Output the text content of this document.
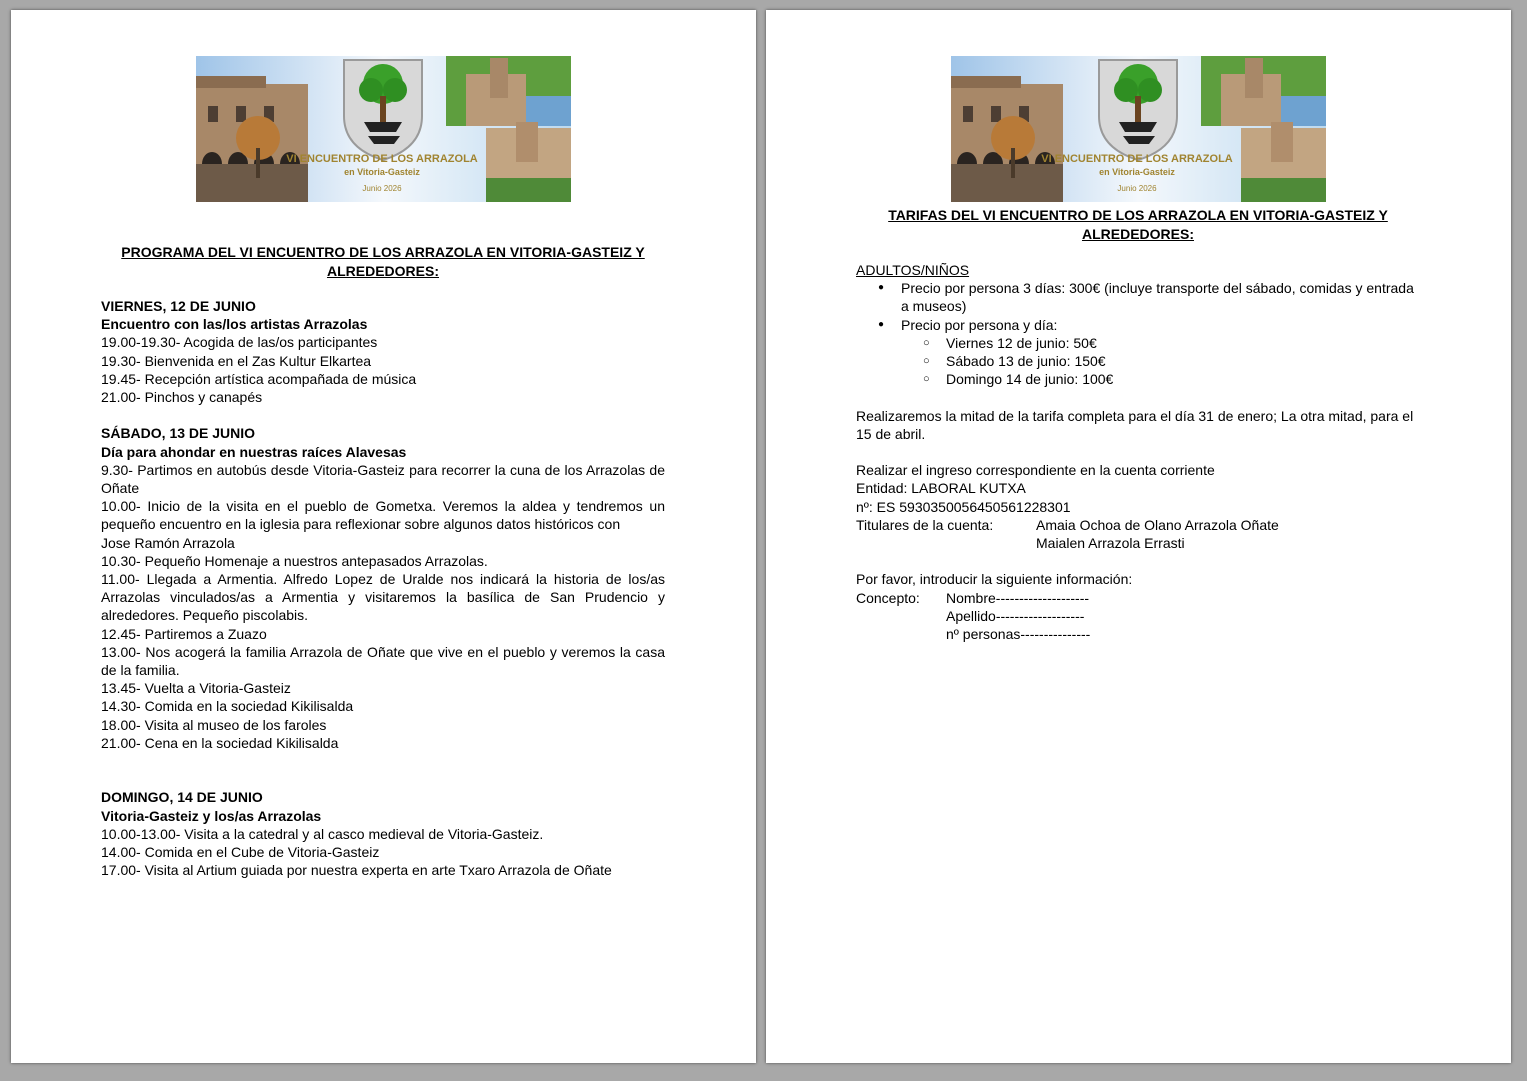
VI ENCUENTRO DE LOS ARRAZOLA
en Vitoria-Gasteiz
Junio 2026
PROGRAMA DEL VI ENCUENTRO DE LOS ARRAZOLA EN VITORIA-GASTEIZ Y
ALREDEDORES:

VIERNES, 12 DE JUNIO

Encuentro con las/los artistas Arrazolas

19.00-19.30- Acogida de las/os participantes

19.30- Bienvenida en el Zas Kultur Elkartea

19.45- Recepción artística acompañada de música

21.00- Pinchos y canapés

SÁBADO, 13 DE JUNIO

Día para ahondar en nuestras raíces Alavesas

9.30- Partimos en autobús desde Vitoria-Gasteiz para recorrer la cuna de los Arrazolas de Oñate

10.00- Inicio de la visita en el pueblo de Gometxa. Veremos la aldea y tendremos un pequeño encuentro en la iglesia para reflexionar sobre algunos datos históricos con

Jose Ramón Arrazola

10.30- Pequeño Homenaje a nuestros antepasados Arrazolas.

11.00- Llegada a Armentia. Alfredo Lopez de Uralde nos indicará la historia de los/as Arrazolas vinculados/as a Armentia y visitaremos la basílica de San Prudencio y alrededores. Pequeño piscolabis.

12.45- Partiremos a Zuazo

13.00- Nos acogerá la familia Arrazola de Oñate que vive en el pueblo y veremos la casa de la familia.

13.45- Vuelta a Vitoria-Gasteiz

14.30- Comida en la sociedad Kikilisalda

18.00- Visita al museo de los faroles

21.00- Cena en la sociedad Kikilisalda

DOMINGO, 14 DE JUNIO

Vitoria-Gasteiz y los/as Arrazolas

10.00-13.00- Visita a la catedral y al casco medieval de Vitoria-Gasteiz.

14.00- Comida en el Cube de Vitoria-Gasteiz

17.00- Visita al Artium guiada por nuestra experta en arte Txaro Arrazola de Oñate

VI ENCUENTRO DE LOS ARRAZOLA
en Vitoria-Gasteiz
Junio 2026
TARIFAS DEL VI ENCUENTRO DE LOS ARRAZOLA EN VITORIA-GASTEIZ Y
ALREDEDORES:

ADULTOS/NIÑOS

● Precio por persona 3 días: 300€ (incluye transporte del sábado, comidas y entrada a museos)
● Precio por persona y día:
○ Viernes 12 de junio: 50€
○ Sábado 13 de junio: 150€
○ Domingo 14 de junio: 100€

Realizaremos la mitad de la tarifa completa para el día 31 de enero; La otra mitad, para el 15 de abril.

Realizar el ingreso correspondiente en la cuenta corriente

Entidad: LABORAL KUTXA

nº: ES 5930350056450561228301

Titulares de la cuenta:	Amaia Ochoa de Olano Arrazola Oñate

Maialen Arrazola Errasti

Por favor, introducir la siguiente información:

Concepto:	Nombre--------------------

Apellido-------------------

nº personas---------------
